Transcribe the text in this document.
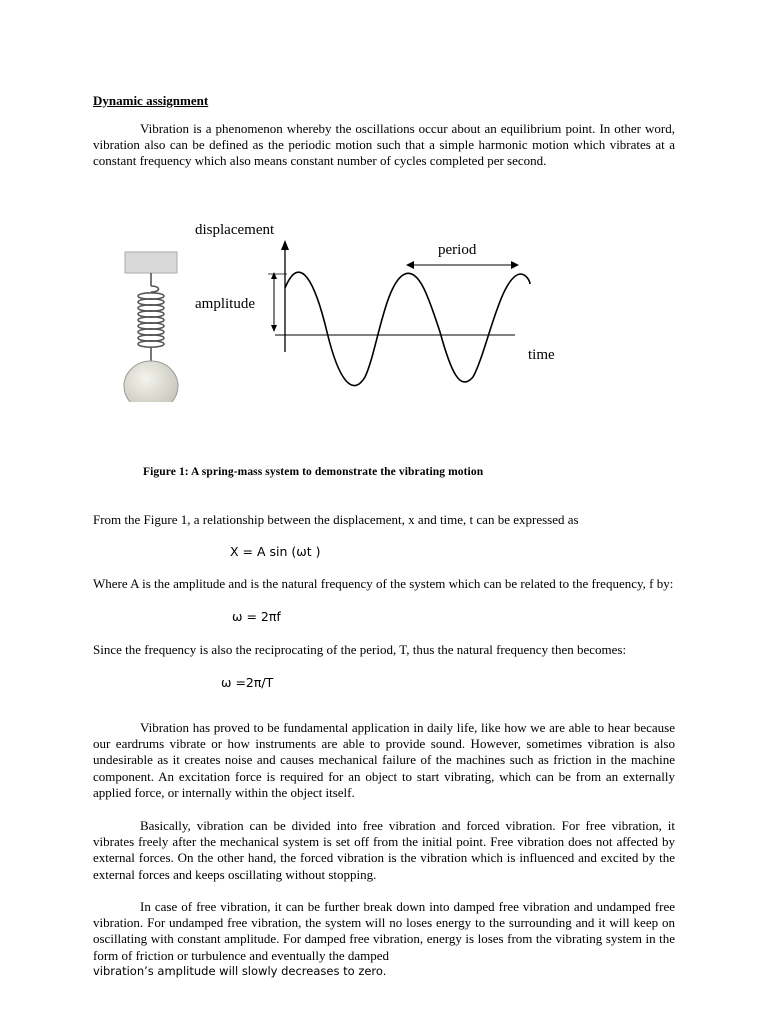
Dynamic assignment

Vibration is a phenomenon whereby the oscillations occur about an equilibrium point. In other word, vibration also can be defined as the periodic motion such that a simple harmonic motion which vibrates at a constant frequency which also means constant number of cycles completed per second.

displacement
period
amplitude
time
Figure 1: A spring-mass system to demonstrate the vibrating motion

From the Figure 1, a relationship between the displacement, x and time, t can be expressed as

X = A sin (ωt )

Where A is the amplitude and is the natural frequency of the system which can be related to the frequency, f by:

ω = 2πf

Since the frequency is also the reciprocating of the period, T, thus the natural frequency then becomes:

ω =2π/T

Vibration has proved to be fundamental application in daily life, like how we are able to hear because our eardrums vibrate or how instruments are able to provide sound. However, sometimes vibration is also undesirable as it creates noise and causes mechanical failure of the machines such as friction in the machine component. An excitation force is required for an object to start vibrating, which can be from an externally applied force, or internally within the object itself.

Basically, vibration can be divided into free vibration and forced vibration. For free vibration, it vibrates freely after the mechanical system is set off from the initial point. Free vibration does not affected by external forces. On the other hand, the forced vibration is the vibration which is influenced and excited by the external forces and keeps oscillating without stopping.

In case of free vibration, it can be further break down into damped free vibration and undamped free vibration. For undamped free vibration, the system will no loses energy to the surrounding and it will keep on oscillating with constant amplitude. For damped free vibration, energy is loses from the vibrating system in the form of friction or turbulence and eventually the damped

vibration’s amplitude will slowly decreases to zero.
